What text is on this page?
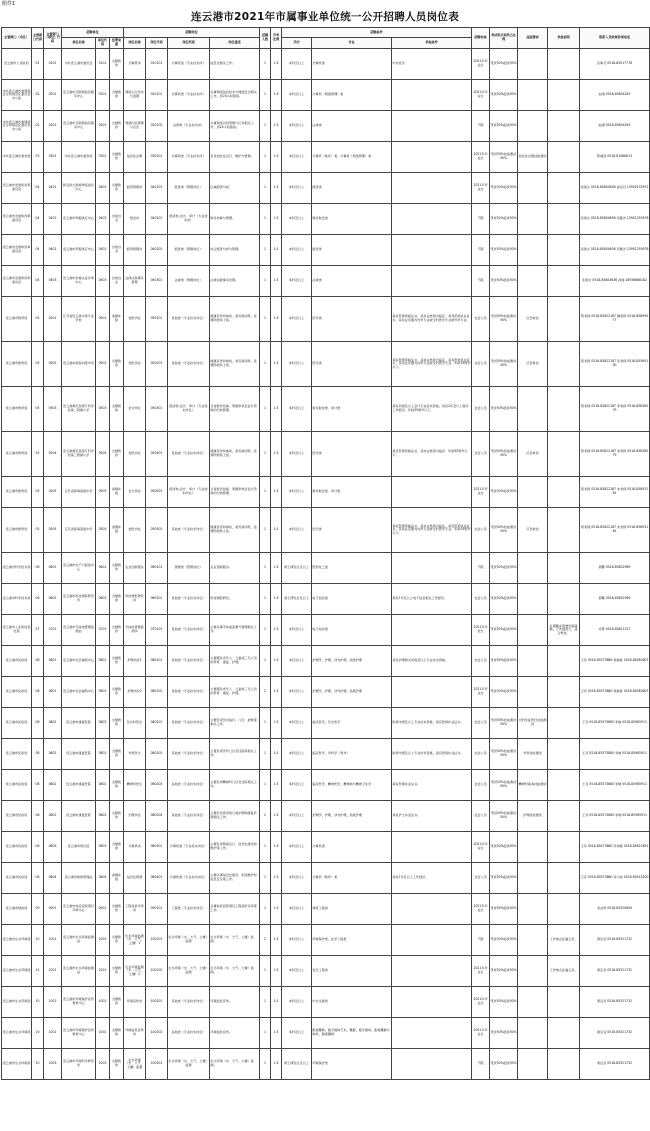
附件1
连云港市2021年市属事业单位统一公开招聘人员岗位表
主管部门（市区）	主管部门代码	主管部门（单位）代码	招聘单位			招聘岗位				招聘人数	开考比例	招聘条件			招聘对象	考试形式和所占比例	技能测试	其他说明	联系人及政策咨询电话
			单位名称	单位代码	经费来源	岗位名称	岗位代码	岗位类别	岗位描述			学历	专业	其他条件					
连云港市人民政府	01	0101	中共连云港市委员会	0101	全额拨款	计算机岗	010101	计算机类（专业技术岗）	信息化相关工作。	1	1:3	本科及以上	计算机类	中共党员	2021年毕业生	笔试50%面试50%			张海月 0518-85017778
中共连云港市委网络安全和信息化委员会办公室	02	0201	连云港市互联网信息服务中心	0201	全额拨款	网络运行技术与监测	020101	计算机类（专业技术岗）	从事网络信息技术与网络安全相关工作，需24小时值班。	1	1:3	本科及以上	计算机（网络管理）类		2021年毕业生	笔试50%面试50%			赵翊 0518-85804245
中共连云港市委网络安全和信息化委员会办公室	02	0201	连云港市互联网信息服务中心	0201	全额拨款	网络内容管理与应急	020102	法律类（专业技术岗）	从事网络内容管理与应急相关工作，需24小时值班。	1	1:3	本科及以上	法律类		不限	笔试50%面试50%			赵翊 0518-85804245
中共连云港市委党校	03	0301	中共连云港市委党校	0301	全额拨款	信息化运维	030101	计算机类（专业技术岗）	负责信息化运行、维护与管理。	1	1:3	本科及以上	计算机（软件）类、计算机（网络管理）类		2021年毕业生	笔试50%技能测试50%	信息化运维技能测试		陈瑞浩 0518-81088813
连云港市发展和改革委员会	04	0401	新亚欧大陆桥物流信息中心	0401	全额拨款	经济管理岗	040101	经济类（管理岗位）	区域经济分析。	1	1:3	本科及以上	经济类		2021年毕业生	笔试50%面试50%			张国文 0518-85804636 孙丹丹 13905133971
连云港市发展和改革委员会	04	0402	连云港市军粮供应中心	0402	自收自支	财会岗	040201	经济类-会计、审计（专业技术岗）	财务核算与管理。	1	1:3	本科及以上	财务财会类		不限	笔试50%面试50%			张国文 0518-85804636 冯雅洪 13951259578
连云港市发展和改革委员会	04	0402	连云港市军粮供应中心	0402	自收自支	经济管理岗	040202	经济类（管理岗位）	综合经济分析与管理。	1	1:3	本科及以上	经济类		不限	笔试50%面试50%			张国文 0518-85804636 冯雅洪 13951259578
连云港市发展和改革委员会	04	0403	连云港市价格认证评审中心	0403	自收自支	法律法规事务管理	040301	法律类（管理岗位）	法律法规事务处理。	1	1:3	本科及以上	法律类		不限	笔试50%面试50%			张国文 0518-85804636 孙翔 18936688182
连云港市教育局	05	0501	江苏省连云港中等专业学校	0501	差额补贴	校医岗位	050101	其他类（专业技术岗位）	健康宣传和体检，常见病诊断，疫情防控和上报。	1	1:3	本科及以上	医学类	具有医师资格证书，其执业类别为临床，具有医师执业证书，其执业范围为内科专业或全科医学专业或外科专业。	社会人员	笔试50%技能测试50%	应急救治		陈老师 0518-85822187 魏老师 0518-85899077
连云港市教育局	05	0502	连云港市新海初级中学	0502	全额拨款	校医岗位	050201	其他类（专业技术岗位）	健康宣传和体检，常见病诊断，疫情防控和上报。	1	1:3	本科及以上	医学类	具有医师资格证书，其执业类别为临床，具有医师执业证书，其执业范围为内科专业或全科医学专业；年龄35周岁以下。	社会人员	笔试50%技能测试50%	应急救治		陈老师 0518-85822187 张老师 0518-85589100
连云港市教育局	05	0503	连云港师范高等专科学校第二附属小学	0503	全额拨款	会计岗位	050301	经济类-会计、审计（专业技术岗位）	日常财务结算，票据审核及会计资料的归档管理。	1	1:3	本科及以上	财务财会类、审计类	具有初级及以上会计专业技术资格，具有2年及以上财务工作经历；年龄35周岁以下。	社会人员	笔试50%面试50%			陈老师 0518-85822187 李老师 0518-85838579
连云港市教育局	05	0504	连云港师范高等专科学校第三附属小学	0504	全额拨款	校医岗位	050401	其他类（专业技术岗位）	健康宣传和体检，常见病诊断，疫情防控和上报。	1	1:3	本科及以上	医学类	具有医师资格证书，其执业类别为临床；年龄35周岁以下。	社会人员	笔试50%技能测试50%	应急救治		陈老师 0518-85822187 李老师 0518-85838579
连云港市教育局	05	0505	江苏省新海高级中学	0505	差额补贴	会计岗位	050501	经济类-会计、审计（专业技术岗位）	日常财务结算，票据审核及会计资料的归档管理。	1	1:3	本科及以上	财务财会类、审计类		2021年毕业生	笔试50%面试50%			陈老师 0518-85822187 朱老师 0518-85893161
连云港市教育局	05	0505	江苏省新海高级中学	0505	差额补贴	校医岗位	050502	其他类（专业技术岗位）	健康宣传和体检，常见病诊断，疫情防控和上报。	1	1:3	本科及以上	医学类	具有医师资格证书，其执业类别为临床，具有医师执业证书，其执业范围为内科专业或全科医学专业；年龄35周岁以下。	社会人员	笔试50%技能测试50%	应急救治		陈老师 0518-85822187 朱老师 0518-85893161
连云港市科学技术局	06	0601	连云港市生产力促进中心	0601	全额拨款	企业创新服务	060101	管理类（管理岗位）	企业创新服务。	1	1:3	硕士研究生及以上	医药化工类		不限	笔试50%面试50%			郝馨 0518-85802969
连云港市科学技术局	06	0602	连云港市科技情报研究所	0602	全额拨款	科技情报研究岗	060201	其他类（专业技术岗位）	科技情报研究。	1	1:3	硕士研究生及以上	电子信息类	具有1年及以上电子信息相关工作经历。	社会人员	笔试50%面试50%			郝馨 0518-85802969
连云港市工业和信息化局	07	0701	连云港市无线电管理监测站	0701	全额拨款	无线电管理监测岗	070101	其他类（专业技术岗位）	主要从事无线电监测与管理相关工作。	1	1:3	本科及以上	电子信息类		2021年毕业生	笔试50%面试50%		长期随车驾驶设备值勤，工作强度大，适合男性。	许慧 0518-85811227
连云港市民政局	08	0801	连云港市社会福利中心	0801	全额拨款	护理岗位1	080101	其他类（专业技术岗位）	主要服务老年人、儿童或三无人员的养育、康复、护理。	1	1:3	本科及以上	护理学，护理，涉外护理，高级护理	具有护理相关初级及以上专业技术资格。	社会人员	笔试50%面试50%			王丹 0518-85573880 杨瑞星 0518-85082607
连云港市民政局	08	0801	连云港市社会福利中心	0801	全额拨款	护理岗位2	080102	其他类（专业技术岗位）	主要服务老年人、儿童或三无人员的养育、康复、护理。	2	1:3	本科及以上	护理学，护理，涉外护理，高级护理		2021年毕业生	笔试50%面试50%			王丹 0518-85573880 杨瑞星 0518-85082607
连云港市民政局	08	0802	连云港市康复医院	0802	全额拨款	急诊科医生	080201	其他类（专业技术岗位）	主要负责急诊接诊、门诊、抢救等相关工作。	1	1:3	本科及以上	临床医学，急诊医学	取得中级及以上专业技术资格，具有医师执业证书。	社会人员	笔试50%技能测试50%	内科急症医疗技能测试		王丹 0518-85573880 李晓 0518-85985911
连云港市民政局	08	0802	连云港市康复医院	0802	全额拨款	外科医生	080202	其他类（专业技术岗位）	主要负责外科门诊及住院等相关工作。	1	1:3	本科及以上	临床医学，外科学（普外）	取得中级及以上专业技术资格，具有医师执业证书。	社会人员	笔试50%技能测试50%	外科技能测试		王丹 0518-85573880 李晓 0518-85985911
连云港市民政局	08	0802	连云港市康复医院	0802	全额拨款	精神科医生	080203	其他类（专业技术岗位）	主要负责精神科门诊及住院相关工作。	1	1:3	本科及以上	临床医学，精神医学，精神病与精神卫生学	具有医师执业证书。	社会人员	笔试50%技能测试50%	精神科基本技能测试		王丹 0518-85573880 李晓 0518-85985911
连云港市民政局	08	0802	连云港市康复医院	0802	全额拨款	护理岗位	080204	其他类（专业技术岗位）	主要负责患者的日常护理和康复护理相关工作。	2	1:3	本科及以上	护理学，护理，涉外护理，高级护理	具有护士执业证书。	社会人员	笔试50%技能测试50%	护理技能测试		王丹 0518-85573880 李晓 0518-85985911
连云港市民政局	08	0803	连云港市殡仪馆	0803	全额拨款	计算机岗	080301	计算机类（专业技术岗位）	主要负责网络运行、信息化建设和维护等工作。	1	1:3	本科及以上	计算机类		2021年毕业生	笔试50%面试50%			王丹 0518-85573880 李伟图 0518-85622651
连云港市民政局	08	0804	连云港市救助管理站	0804	差额补贴	信息化管理	080401	计算机类（专业技术岗位）	主要从事信息化建设、系统维护和信息安全等工作。	1	1:3	本科及以上	计算机（软件）类	具有1年及以上工作经历。	社会人员	笔试50%面试50%			王丹 0518-85573880 李小旭 0518-85915200
连云港市财政局	09	0901	连云港市政府投资项目评审中心	0901	全额拨款	工程造价评审岗	090101	工程类（专业技术岗位）	从事政府投资项目工程造价评审等工作。	1	1:3	本科及以上	建筑工程类		2021年毕业生	笔试50%面试50%			李冰然 0518-85520604
连云港市生态环境局	10	1001	连云港市生态环境监测站	1001	全额拨款	生态环境监测（水、大气、土壤）1	100101	生态环境（水、大气、土壤）监测	生态环境（水、大气、土壤）监测。	2	1:3	本科及以上	环境保护类，化学工程类		不限	笔试50%面试50%		工作地点在灌云县。	黄启宣 0518-85521732
连云港市生态环境局	10	1001	连云港市生态环境监测站	1001	全额拨款	生态环境监测（水、大气、土壤）2	100102	生态环境（水、大气、土壤）监测	生态环境（水、大气、土壤）监测。	1	1:3	本科及以上	化学工程类		2021年毕业生	笔试50%面试50%		工作地点在灌云县。	黄启宣 0518-85521732
连云港市生态环境局	10	1002	连云港市环境保护宣传教育中心	1002	全额拨款	环境宣传岗	100201	其他类（专业技术岗位）	环境信息宣传。	1	1:3	本科及以上	中文文秘类		2021年毕业生	笔试50%面试50%			黄启宣 0518-85521732
连云港市生态环境局	10	1002	连云港市环境保护宣传教育中心	1002	全额拨款	环境信息宣传岗	100202	其他类（专业技术岗位）	环境信息宣传。	1	1:3	本科及以上	影视摄制，数字媒体艺术，摄影，数字媒体，影视摄影与制作，影视摄制		2021年毕业生	笔试50%面试50%			黄启宣 0518-85521732
连云港市生态环境局	10	1003	连云港市环境科学研究所	1003	全额拨款	生态环境（水、大气、土壤）监测	100301	生态环境（水、大气、土壤）监测	生态环境（水、大气、土壤）监测。	1	1:3	硕士研究生及以上	环境保护类		不限	笔试50%面试50%			黄启宣 0518-85521732
